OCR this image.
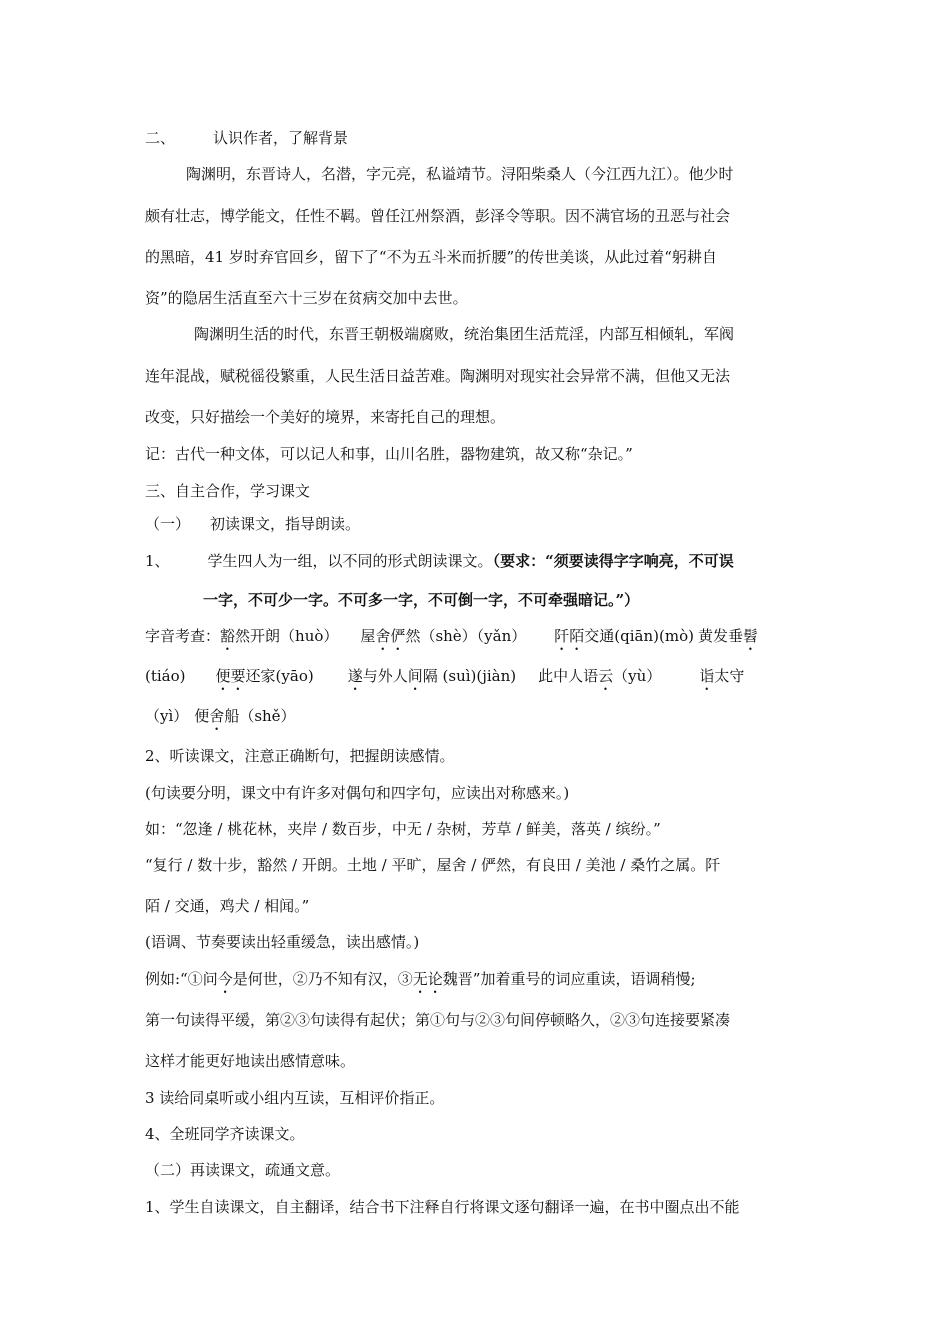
二、	认识作者，了解背景
陶渊明，东晋诗人，名潜，字元亮，私谥靖节。浔阳柴桑人（今江西九江）。他少时
颇有壮志，博学能文，任性不羁。曾任江州祭酒，彭泽令等职。因不满官场的丑恶与社会
的黑暗，41 岁时弃官回乡，留下了“不为五斗米而折腰”的传世美谈，从此过着“躬耕自
资”的隐居生活直至六十三岁在贫病交加中去世。
陶渊明生活的时代，东晋王朝极端腐败，统治集团生活荒淫，内部互相倾轧，军阀
连年混战，赋税徭役繁重，人民生活日益苦难。陶渊明对现实社会异常不满，但他又无法
改变，只好描绘一个美好的境界，来寄托自己的理想。
记：古代一种文体，可以记人和事，山川名胜，器物建筑，故又称“杂记。”
三、自主合作，学习课文
（一） 初读课文，指导朗读。
1、	学生四人为一组，以不同的形式朗读课文。（要求：“须要读得字字响亮，不可误
一字，不可少一字。不可多一字，不可倒一字，不可牵强暗记。”）
字音考查：豁然开朗（huò） 屋舍俨然（shè）（yǎn） 阡陌交通(qiān)(mò) 黄发垂髫
(tiáo) 便要还家(yāo) 遂与外人间隔 (suì)(jiàn) 此中人语云（yù）	诣太守
（yì） 便舍船（shě）
2、听读课文，注意正确断句，把握朗读感情。
(句读要分明，课文中有许多对偶句和四字句，应读出对称感来。)
如：“忽逢 / 桃花林，夹岸 / 数百步，中无 / 杂树，芳草 / 鲜美，落英 / 缤纷。”
“复行 / 数十步，豁然 / 开朗。土地 / 平旷，屋舍 / 俨然，有良田 / 美池 / 桑竹之属。阡
陌 / 交通，鸡犬 / 相闻。”
(语调、节奏要读出轻重缓急，读出感情。)
例如:“①问今是何世，②乃不知有汉，③无论魏晋”加着重号的词应重读，语调稍慢;
第一句读得平缓，第②③句读得有起伏；第①句与②③句间停顿略久，②③句连接要紧凑
这样才能更好地读出感情意味。
3 读给同桌听或小组内互读，互相评价指正。
4、全班同学齐读课文。
（二）再读课文，疏通文意。
1、学生自读课文，自主翻译，结合书下注释自行将课文逐句翻译一遍，在书中圈点出不能
